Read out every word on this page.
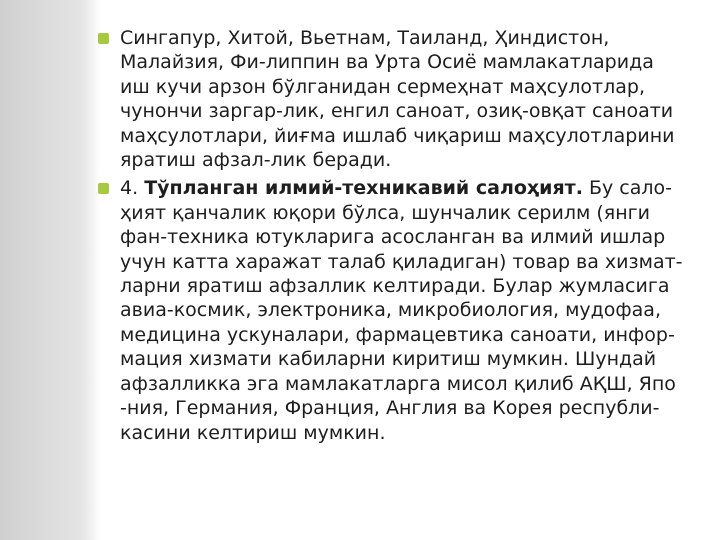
Сингапур, Хитой, Вьетнам, Таиланд, Ҳиндистон,
Малайзия, Фи-липпин ва Урта Осиё мамлакатларида
иш кучи арзон бўлганидан сермеҳнат маҳсулотлар,
чунончи заргар-лик, енгил саноат, озиқ-овқат саноати
маҳсулотлари, йиғма ишлаб чиқариш маҳсулотларини
яратиш афзал-лик беради.
4. Тўпланган илмий-техникавий салоҳият. Бу сало-
ҳият қанчалик юқори бўлса, шунчалик серилм (янги
фан-техника ютукларига асосланган ва илмий ишлар
учун катта харажат талаб қиладиган) товар ва хизмат-
ларни яратиш афзаллик келтиради. Булар жумласига
авиа-космик, электроника, микробиология, мудофаа,
медицина ускуналари, фармацевтика саноати, инфор-
мация хизмати кабиларни киритиш мумкин. Шундай
афзалликка эга мамлакатларга мисол қилиб АҚШ, Япо
-ния, Германия, Франция, Англия ва Корея республи-
касини келтириш мумкин.
